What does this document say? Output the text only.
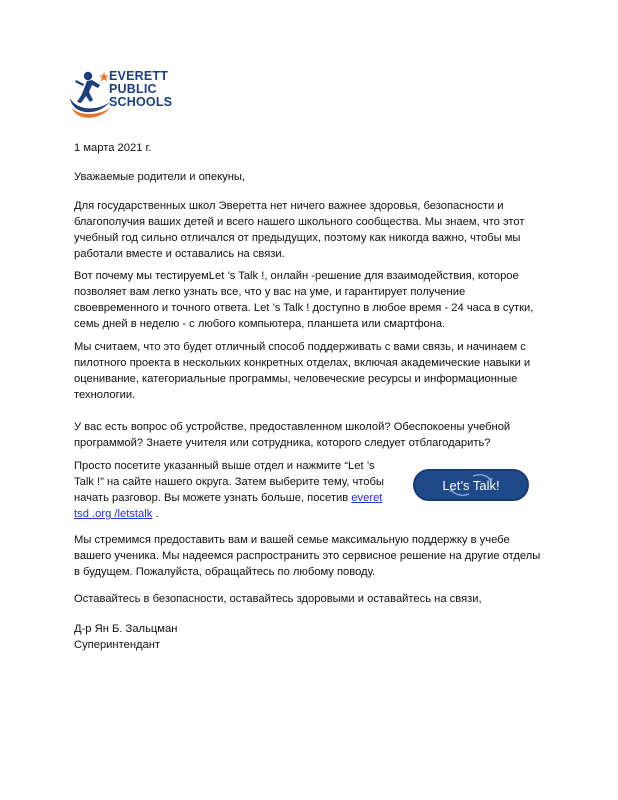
EVERETT
PUBLIC
SCHOOLS

1 марта 2021 г.

Уважаемые родители и опекуны,

Для государственных школ Эверетта нет ничего важнее здоровья, безопасности и благополучия ваших детей и всего нашего школьного сообщества. Мы знаем, что этот учебный год сильно отличался от предыдущих, поэтому как никогда важно, чтобы мы работали вместе и оставались на связи.

Вот почему мы тестируемLet ’s Talk !, онлайн -решение для взаимодействия, которое позволяет вам легко узнать все, что у вас на уме, и гарантирует получение своевременного и точного ответа. Let ’s Talk ! доступно в любое время - 24 часа в сутки, семь дней в неделю - с любого компьютера, планшета или смартфона.

Мы считаем, что это будет отличный способ поддерживать с вами связь, и начинаем с пилотного проекта в нескольких конкретных отделах, включая академические навыки и оценивание, категориальные программы, человеческие ресурсы и информационные технологии.

У вас есть вопрос об устройстве, предоставленном школой? Обеспокоены учебной программой? Знаете учителя или сотрудника, которого следует отблагодарить?

Просто посетите указанный выше отдел и нажмите “Let ’s Talk !” на сайте нашего округа. Затем выберите тему, чтобы начать разговор. Вы можете узнать больше, посетив everet tsd .org /letstalk .

Let’s Talk!

Мы стремимся предоставить вам и вашей семье максимальную поддержку в учебе вашего ученика. Мы надеемся распространить это сервисное решение на другие отделы в будущем. Пожалуйста, обращайтесь по любому поводу.

Оставайтесь в безопасности, оставайтесь здоровыми и оставайтесь на связи,

Д-р Ян Б. Зальцман
Суперинтендант
